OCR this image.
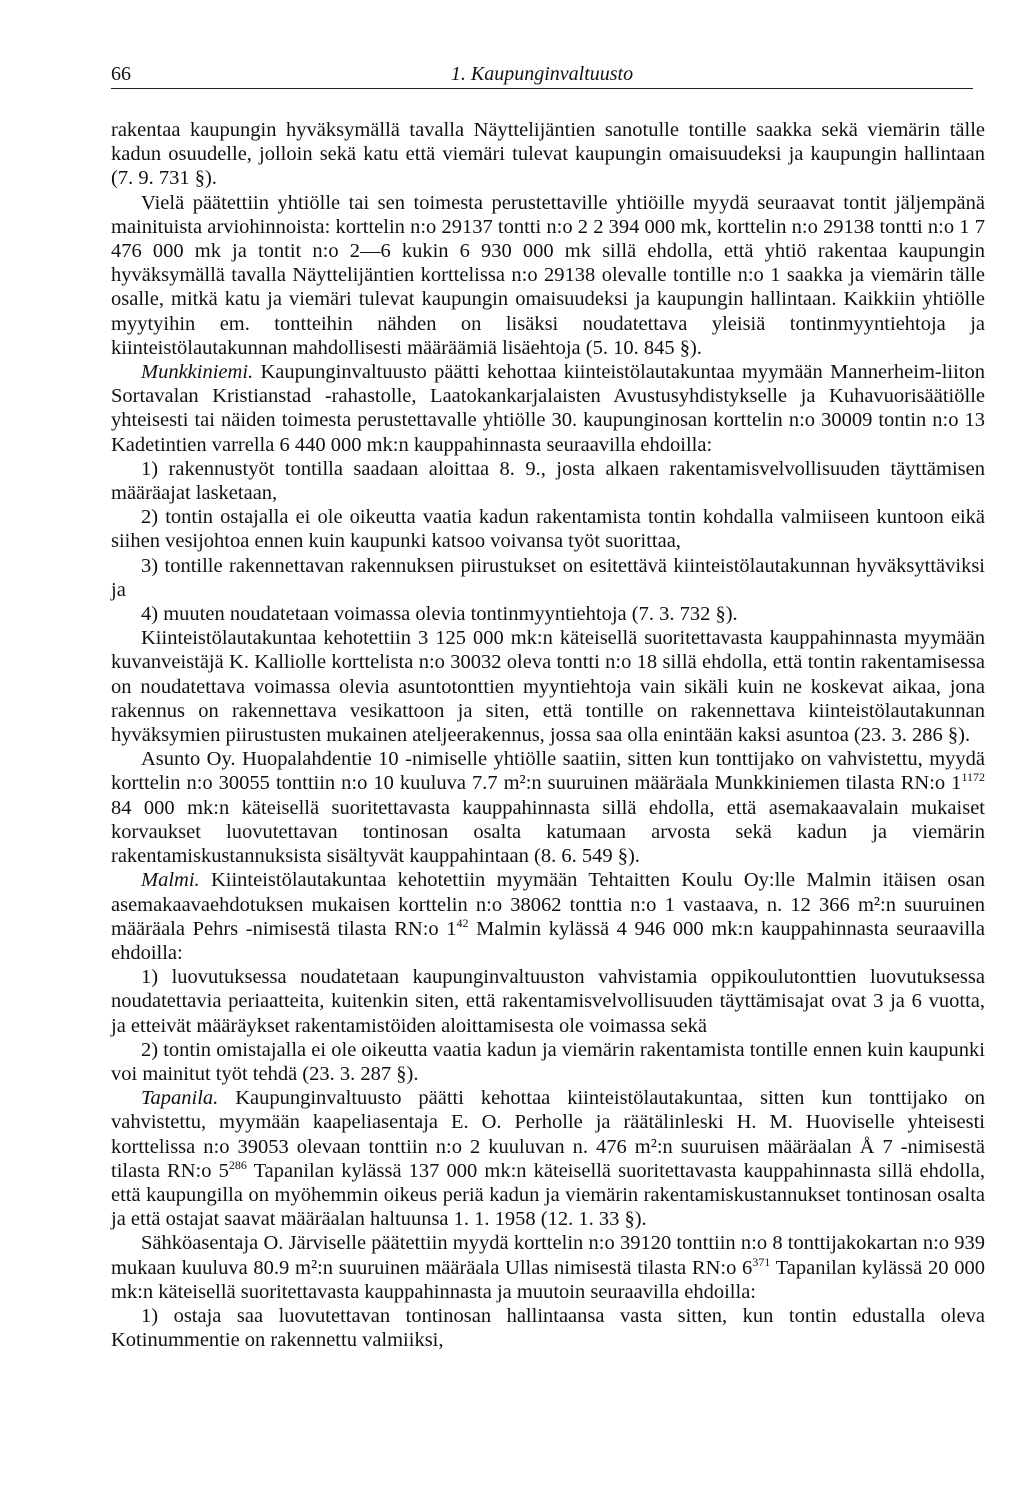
66	1. Kaupunginvaltuusto

rakentaa kaupungin hyväksymällä tavalla Näyttelijäntien sanotulle tontille saakka sekä viemärin tälle kadun osuudelle, jolloin sekä katu että viemäri tulevat kaupungin omaisuudeksi ja kaupungin hallintaan (7. 9. 731 §).

Vielä päätettiin yhtiölle tai sen toimesta perustettaville yhtiöille myydä seuraavat tontit jäljempänä mainituista arviohinnoista: korttelin n:o 29137 tontti n:o 2 2 394 000 mk, korttelin n:o 29138 tontti n:o 1 7 476 000 mk ja tontit n:o 2—6 kukin 6 930 000 mk sillä ehdolla, että yhtiö rakentaa kaupungin hyväksymällä tavalla Näyttelijäntien korttelissa n:o 29138 olevalle tontille n:o 1 saakka ja viemärin tälle osalle, mitkä katu ja viemäri tulevat kaupungin omaisuudeksi ja kaupungin hallintaan. Kaikkiin yhtiölle myytyihin em. tontteihin nähden on lisäksi noudatettava yleisiä tontinmyyntiehtoja ja kiinteistölautakunnan mahdollisesti määräämiä lisäehtoja (5. 10. 845 §).

Munkkiniemi. Kaupunginvaltuusto päätti kehottaa kiinteistölautakuntaa myymään Mannerheim-liiton Sortavalan Kristianstad -rahastolle, Laatokankarjalaisten Avustusyhdistykselle ja Kuhavuorisäätiölle yhteisesti tai näiden toimesta perustettavalle yhtiölle 30. kaupunginosan korttelin n:o 30009 tontin n:o 13 Kadetintien varrella 6 440 000 mk:n kauppahinnasta seuraavilla ehdoilla:

1) rakennustyöt tontilla saadaan aloittaa 8. 9., josta alkaen rakentamisvelvollisuuden täyttämisen määräajat lasketaan,

2) tontin ostajalla ei ole oikeutta vaatia kadun rakentamista tontin kohdalla valmiiseen kuntoon eikä siihen vesijohtoa ennen kuin kaupunki katsoo voivansa työt suorittaa,

3) tontille rakennettavan rakennuksen piirustukset on esitettävä kiinteistölautakunnan hyväksyttäviksi ja

4) muuten noudatetaan voimassa olevia tontinmyyntiehtoja (7. 3. 732 §).

Kiinteistölautakuntaa kehotettiin 3 125 000 mk:n käteisellä suoritettavasta kauppahinnasta myymään kuvanveistäjä K. Kalliolle korttelista n:o 30032 oleva tontti n:o 18 sillä ehdolla, että tontin rakentamisessa on noudatettava voimassa olevia asuntotonttien myyntiehtoja vain sikäli kuin ne koskevat aikaa, jona rakennus on rakennettava vesikattoon ja siten, että tontille on rakennettava kiinteistölautakunnan hyväksymien piirustusten mukainen ateljeerakennus, jossa saa olla enintään kaksi asuntoa (23. 3. 286 §).

Asunto Oy. Huopalahdentie 10 -nimiselle yhtiölle saatiin, sitten kun tonttijako on vahvistettu, myydä korttelin n:o 30055 tonttiin n:o 10 kuuluva 7.7 m²:n suuruinen määräala Munkkiniemen tilasta RN:o $1^{1172}$ 84 000 mk:n käteisellä suoritettavasta kauppahinnasta sillä ehdolla, että asemakaavalain mukaiset korvaukset luovutettavan tontinosan osalta katumaan arvosta sekä kadun ja viemärin rakentamiskustannuksista sisältyvät kauppahintaan (8. 6. 549 §).

Malmi. Kiinteistölautakuntaa kehotettiin myymään Tehtaitten Koulu Oy:lle Malmin itäisen osan asemakaavaehdotuksen mukaisen korttelin n:o 38062 tonttia n:o 1 vastaava, n. 12 366 m²:n suuruinen määräala Pehrs -nimisestä tilasta RN:o $1^{42}$ Malmin kylässä 4 946 000 mk:n kauppahinnasta seuraavilla ehdoilla:

1) luovutuksessa noudatetaan kaupunginvaltuuston vahvistamia oppikoulutonttien luovutuksessa noudatettavia periaatteita, kuitenkin siten, että rakentamisvelvollisuuden täyttämisajat ovat 3 ja 6 vuotta, ja etteivät määräykset rakentamistöiden aloittamisesta ole voimassa sekä

2) tontin omistajalla ei ole oikeutta vaatia kadun ja viemärin rakentamista tontille ennen kuin kaupunki voi mainitut työt tehdä (23. 3. 287 §).

Tapanila. Kaupunginvaltuusto päätti kehottaa kiinteistölautakuntaa, sitten kun tonttijako on vahvistettu, myymään kaapeliasentaja E. O. Perholle ja räätälinleski H. M. Huoviselle yhteisesti korttelissa n:o 39053 olevaan tonttiin n:o 2 kuuluvan n. 476 m²:n suuruisen määräalan Å 7 -nimisestä tilasta RN:o $5^{286}$ Tapanilan kylässä 137 000 mk:n käteisellä suoritettavasta kauppahinnasta sillä ehdolla, että kaupungilla on myöhemmin oikeus periä kadun ja viemärin rakentamiskustannukset tontinosan osalta ja että ostajat saavat määräalan haltuunsa 1. 1. 1958 (12. 1. 33 §).

Sähköasentaja O. Järviselle päätettiin myydä korttelin n:o 39120 tonttiin n:o 8 tonttijakokartan n:o 939 mukaan kuuluva 80.9 m²:n suuruinen määräala Ullas nimisestä tilasta RN:o $6^{371}$ Tapanilan kylässä 20 000 mk:n käteisellä suoritettavasta kauppahinnasta ja muutoin seuraavilla ehdoilla:

1) ostaja saa luovutettavan tontinosan hallintaansa vasta sitten, kun tontin edustalla oleva Kotinummentie on rakennettu valmiiksi,
